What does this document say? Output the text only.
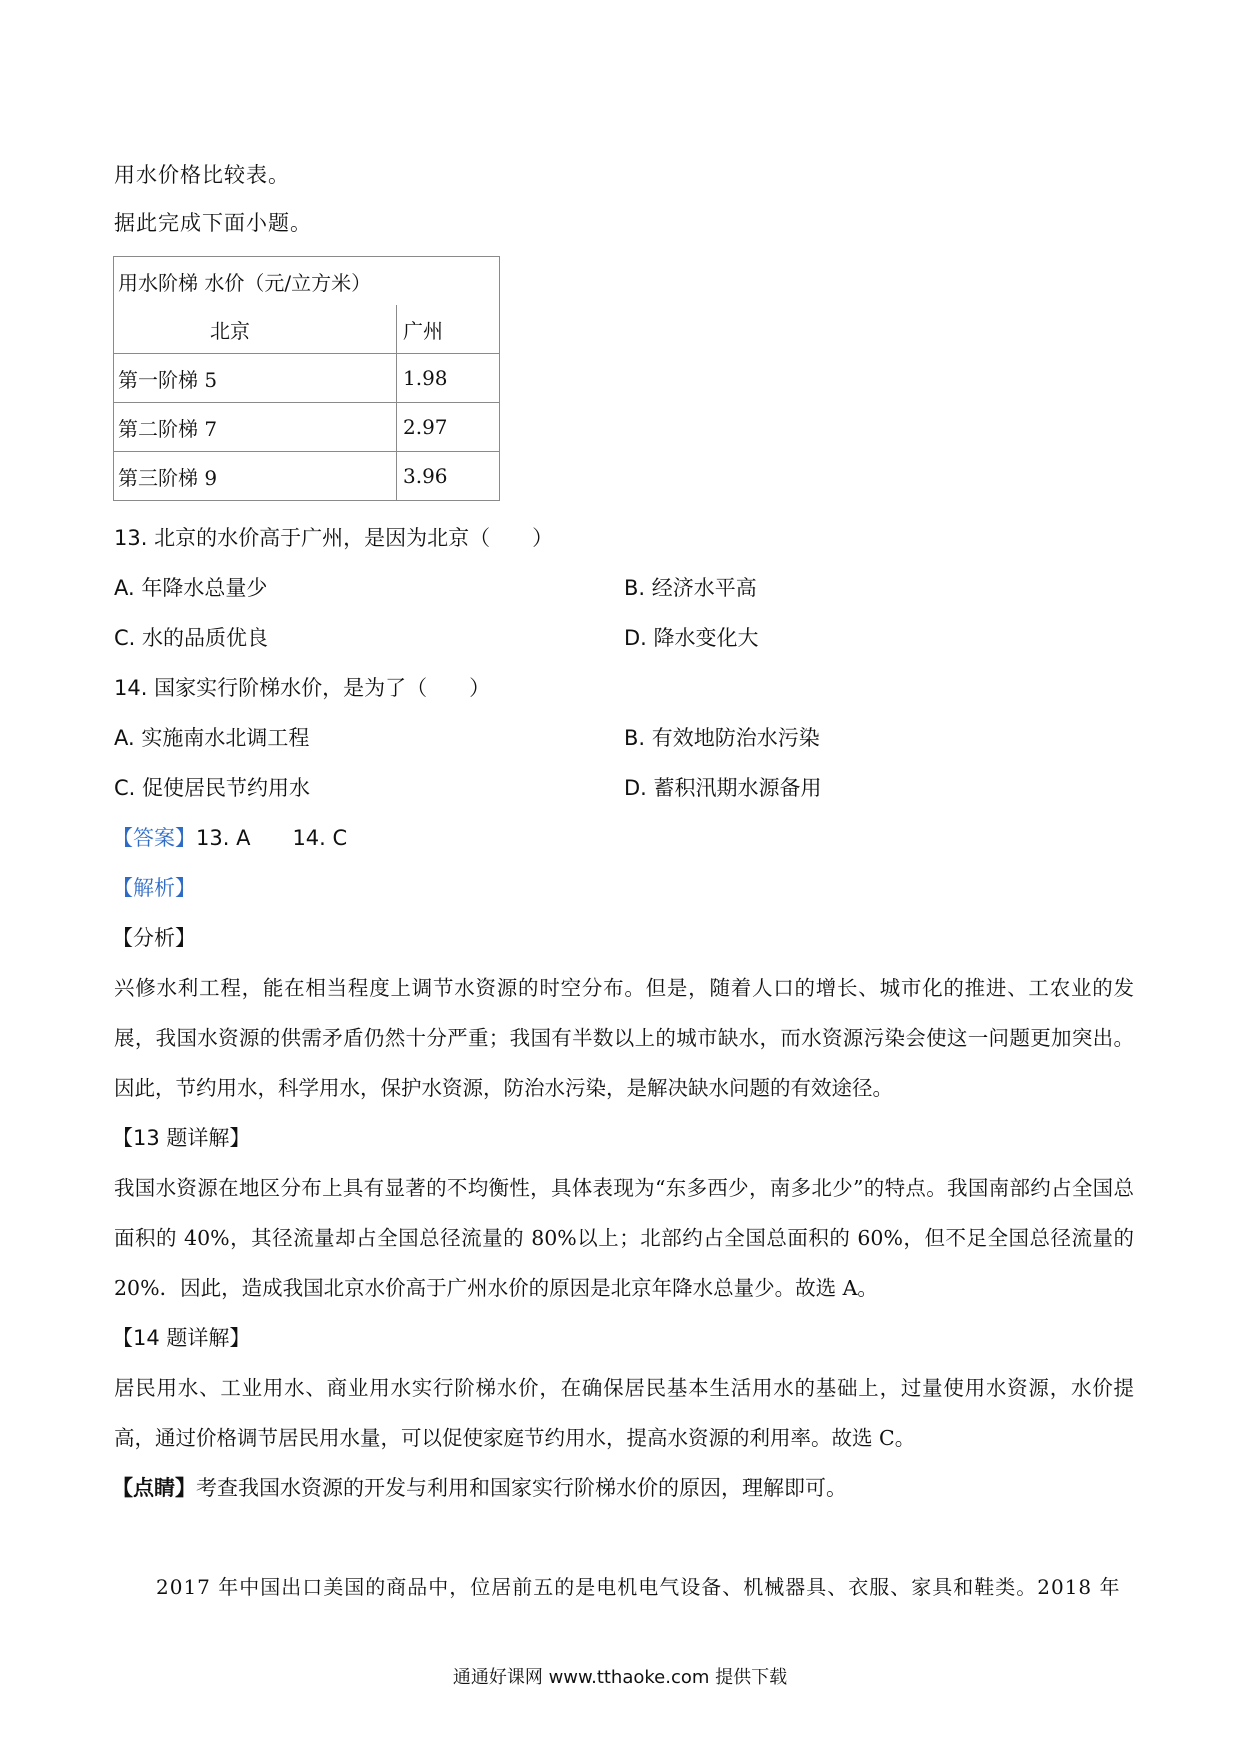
用水价格比较表。
据此完成下面小题。
用水阶梯 水价（元/立方米）	
北京	广州
第一阶梯 5	1.98
第二阶梯 7	2.97
第三阶梯 9	3.96
13. 北京的水价高于广州，是因为北京（　　）
A. 年降水总量少	B. 经济水平高
C. 水的品质优良	D. 降水变化大
14. 国家实行阶梯水价，是为了（　　）
A. 实施南水北调工程	B. 有效地防治水污染
C. 促使居民节约用水	D. 蓄积汛期水源备用
【答案】13. A　　14. C
【解析】
【分析】
兴修水利工程，能在相当程度上调节水资源的时空分布。但是，随着人口的增长、城市化的推进、工农业的发展，我国水资源的供需矛盾仍然十分严重；我国有半数以上的城市缺水，而水资源污染会使这一问题更加突出。因此，节约用水，科学用水，保护水资源，防治水污染，是解决缺水问题的有效途径。
【13 题详解】
我国水资源在地区分布上具有显著的不均衡性，具体表现为“东多西少，南多北少”的特点。我国南部约占全国总面积的 40%，其径流量却占全国总径流量的 80%以上；北部约占全国总面积的 60%，但不足全国总径流量的 20%．因此，造成我国北京水价高于广州水价的原因是北京年降水总量少。故选 A。
【14 题详解】
居民用水、工业用水、商业用水实行阶梯水价，在确保居民基本生活用水的基础上，过量使用水资源，水价提高，通过价格调节居民用水量，可以促使家庭节约用水，提高水资源的利用率。故选 C。
【点睛】考查我国水资源的开发与利用和国家实行阶梯水价的原因，理解即可。
2017 年中国出口美国的商品中，位居前五的是电机电气设备、机械器具、衣服、家具和鞋类。2018 年
通通好课网 www.tthaoke.com 提供下载
